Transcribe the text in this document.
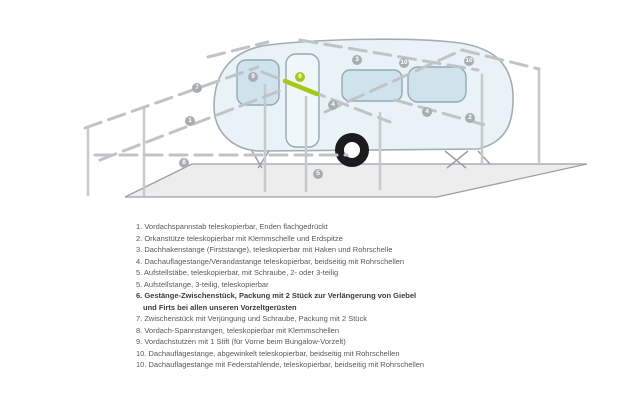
7
1
8
9	6
3	10	10
4
4
2
5
1. Vordachspannstab teleskopierbar, Enden flachgedrückt
2. Orkanstütze teleskopierbar mit Klemmschelle und Erdspitze
3. Dachhakenstange (Firststange), teleskopierbar mit Haken und Rohrschelle
4. Dachauflagestange/Verandastange teleskopierbar, beidseitig mit Rohrschellen
5. Aufstellstäbe, teleskopierbar, mit Schraube, 2- oder 3-teilig
5. Aufstellstange, 3-teilig, teleskopierbar
6. Gestänge-Zwischenstück, Packung mit 2 Stück zur Verlängerung von Giebel
und Firts bei allen unseren Vorzeltgerüsten
7. Zwischenstück mit Verjüngung und Schraube, Packung mit 2 Stück
8. Vordach-Spannstangen, teleskopierbar mit Klemmschellen
9. Vordachstutzen mit 1 Stift (für Vorne beim Bungalow-Vorzelt)
10. Dachauflagestange, abgewinkelt teleskopierbar, beidseitig mit Rohrschellen
10. Dachauflagestange mit Federstahlende, teleskopierbar, beidseitig mit Rohrschellen
